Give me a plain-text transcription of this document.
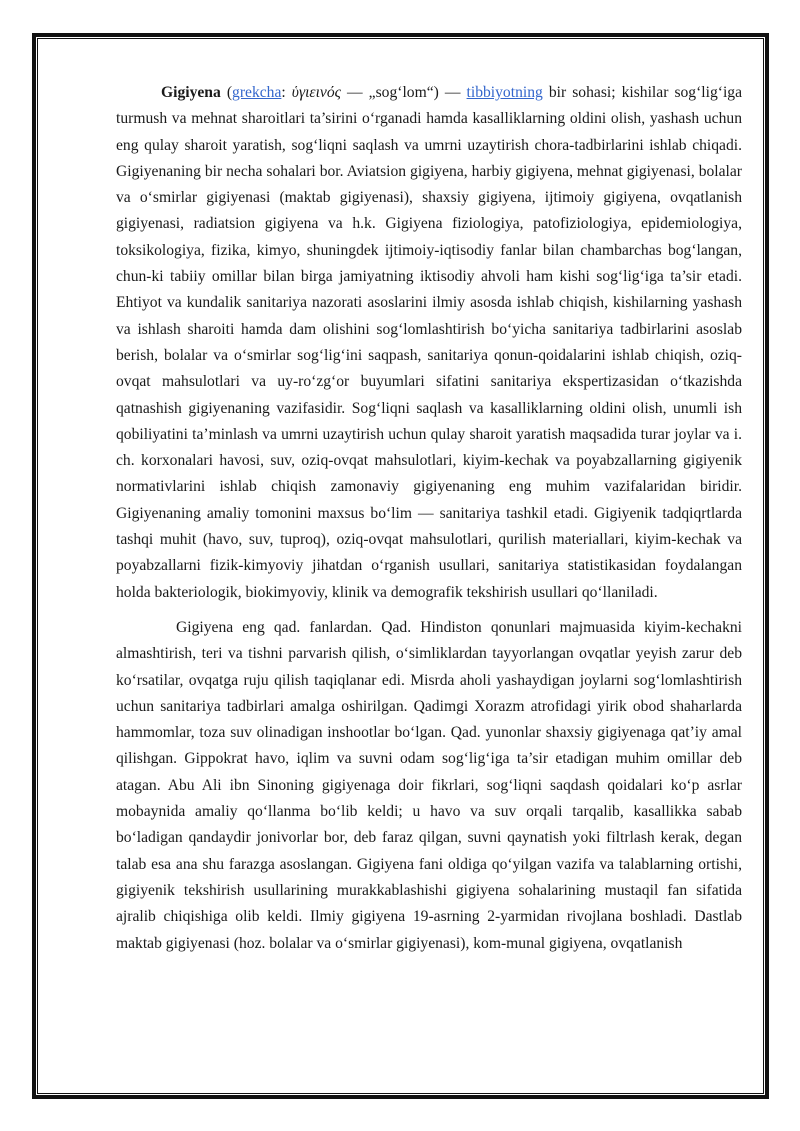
Gigiyena (grekcha: ὑγιεινός — „sog‘lom“) — tibbiyotning bir sohasi; kishilar sog‘lig‘iga turmush va mehnat sharoitlari ta’sirini o‘rganadi hamda kasalliklarning oldini olish, yashash uchun eng qulay sharoit yaratish, sog‘liqni saqlash va umrni uzaytirish chora-tadbirlarini ishlab chiqadi. Gigiyenaning bir necha sohalari bor. Aviatsion gigiyena, harbiy gigiyena, mehnat gigiyenasi, bolalar va o‘smirlar gigiyenasi (maktab gigiyenasi), shaxsiy gigiyena, ijtimoiy gigiyena, ovqatlanish gigiyenasi, radiatsion gigiyena va h.k. Gigiyena fiziologiya, patofiziologiya, epidemiologiya, toksikologiya, fizika, kimyo, shuningdek ijtimoiy-iqtisodiy fanlar bilan chambarchas bog‘langan, chun-ki tabiiy omillar bilan birga jamiyatning iktisodiy ahvoli ham kishi sog‘lig‘iga ta’sir etadi. Ehtiyot va kundalik sanitariya nazorati asoslarini ilmiy asosda ishlab chiqish, kishilarning yashash va ishlash sharoiti hamda dam olishini sog‘lomlashtirish bo‘yicha sanitariya tadbirlarini asoslab berish, bolalar va o‘smirlar sog‘lig‘ini saqpash, sanitariya qonun-qoidalarini ishlab chiqish, oziq-ovqat mahsulotlari va uy-ro‘zg‘or buyumlari sifatini sanitariya ekspertizasidan o‘tkazishda qatnashish gigiyenaning vazifasidir. Sog‘liqni saqlash va kasalliklarning oldini olish, unumli ish qobiliyatini ta’minlash va umrni uzaytirish uchun qulay sharoit yaratish maqsadida turar joylar va i. ch. korxonalari havosi, suv, oziq-ovqat mahsulotlari, kiyim-kechak va poyabzallarning gigiyenik normativlarini ishlab chiqish zamonaviy gigiyenaning eng muhim vazifalaridan biridir. Gigiyenaning amaliy tomonini maxsus bo‘lim — sanitariya tashkil etadi. Gigiyenik tadqiqrtlarda tashqi muhit (havo, suv, tuproq), oziq-ovqat mahsulotlari, qurilish materiallari, kiyim-kechak va poyabzallarni fizik-kimyoviy jihatdan o‘rganish usullari, sanitariya statistikasidan foydalangan holda bakteriologik, biokimyoviy, klinik va demografik tekshirish usullari qo‘llaniladi.

Gigiyena eng qad. fanlardan. Qad. Hindiston qonunlari majmuasida kiyim-kechakni almashtirish, teri va tishni parvarish qilish, o‘simliklardan tayyorlangan ovqatlar yeyish zarur deb ko‘rsatilar, ovqatga ruju qilish taqiqlanar edi. Misrda aholi yashaydigan joylarni sog‘lomlashtirish uchun sanitariya tadbirlari amalga oshirilgan. Qadimgi Xorazm atrofidagi yirik obod shaharlarda hammomlar, toza suv olinadigan inshootlar bo‘lgan. Qad. yunonlar shaxsiy gigiyenaga qat’iy amal qilishgan. Gippokrat havo, iqlim va suvni odam sog‘lig‘iga ta’sir etadigan muhim omillar deb atagan. Abu Ali ibn Sinoning gigiyenaga doir fikrlari, sog‘liqni saqdash qoidalari ko‘p asrlar mobaynida amaliy qo‘llanma bo‘lib keldi; u havo va suv orqali tarqalib, kasallikka sabab bo‘ladigan qandaydir jonivorlar bor, deb faraz qilgan, suvni qaynatish yoki filtrlash kerak, degan talab esa ana shu farazga asoslangan. Gigiyena fani oldiga qo‘yilgan vazifa va talablarning ortishi, gigiyenik tekshirish usullarining murakkablashishi gigiyena sohalarining mustaqil fan sifatida ajralib chiqishiga olib keldi. Ilmiy gigiyena 19-asrning 2-yarmidan rivojlana boshladi. Dastlab maktab gigiyenasi (hoz. bolalar va o‘smirlar gigiyenasi), kom-munal gigiyena, ovqatlanish
